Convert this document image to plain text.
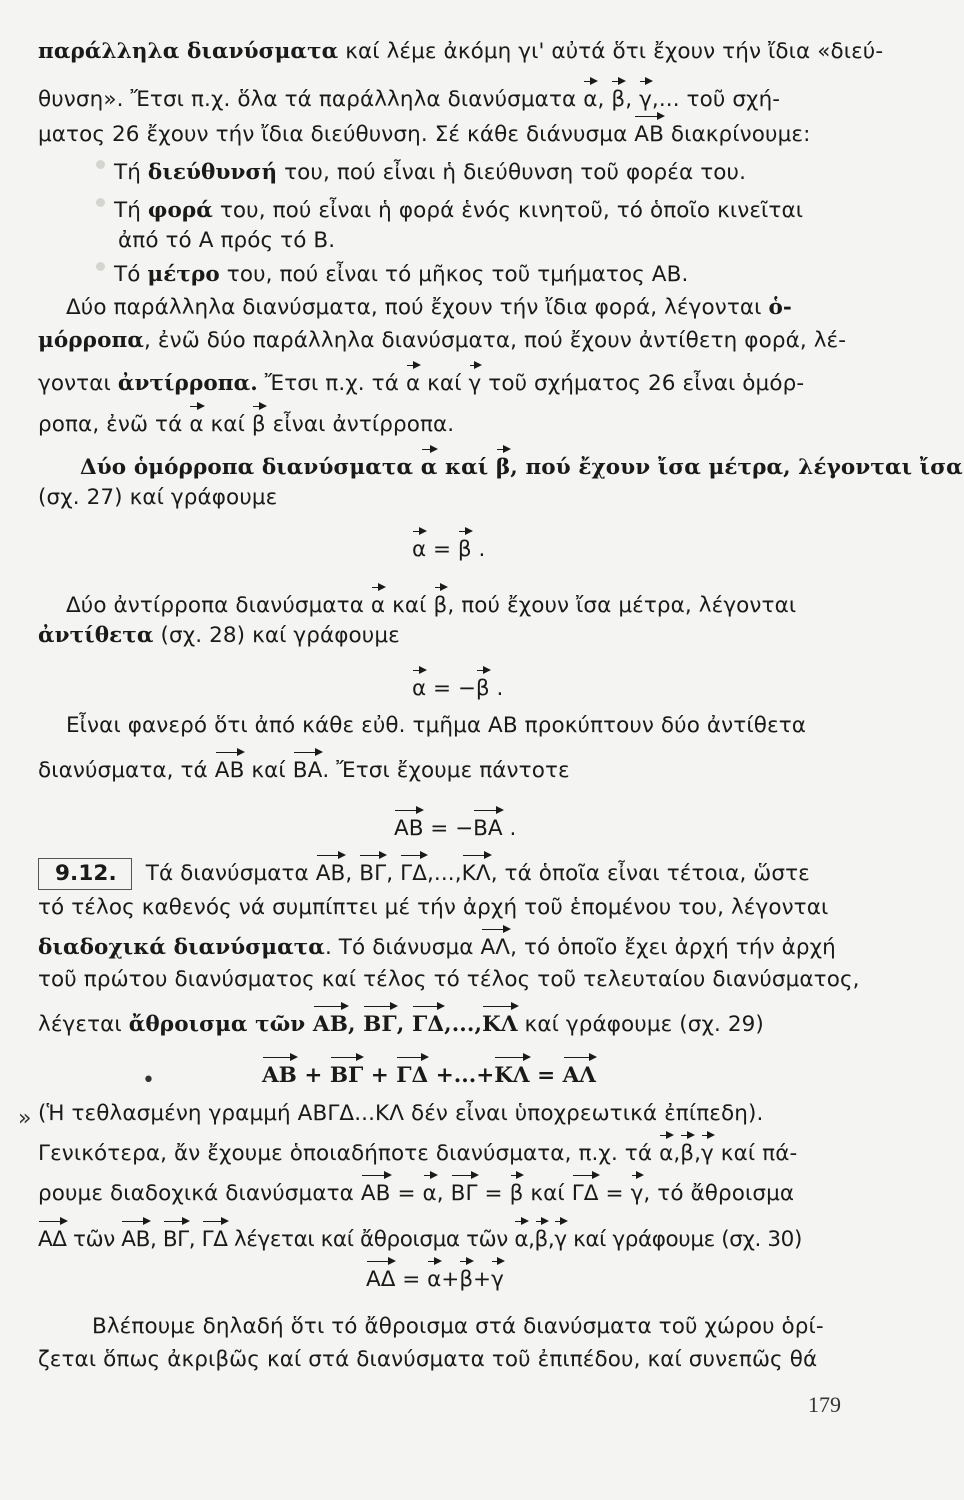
παράλληλα διανύσματα καί λέμε ἀκόμη γι' αὐτά ὅτι ἔχουν τήν ἴδια «διεύ-

θυνση». Ἔτσι π.χ. ὅλα τά παράλληλα διανύσματα α, β, γ,... τοῦ σχή-

ματος 26 ἔχουν τήν ἴδια διεύθυνση. Σέ κάθε διάνυσμα ΑΒ διακρίνουμε:

Τή διεύθυνσή του, πού εἶναι ἡ διεύθυνση τοῦ φορέα του.

Τή φορά του, πού εἶναι ἡ φορά ἑνός κινητοῦ, τό ὁποῖο κινεῖται

ἀπό τό Α πρός τό Β.

Τό μέτρο του, πού εἶναι τό μῆκος τοῦ τμήματος ΑΒ.

Δύο παράλληλα διανύσματα, πού ἔχουν τήν ἴδια φορά, λέγονται ὁ-

μόρροπα, ἐνῶ δύο παράλληλα διανύσματα, πού ἔχουν ἀντίθετη φορά, λέ-

γονται ἀντίρροπα. Ἔτσι π.χ. τά α καί γ τοῦ σχήματος 26 εἶναι ὁμόρ-

ροπα, ἐνῶ τά α καί β εἶναι ἀντίρροπα.

Δύο ὁμόρροπα διανύσματα α καί β, πού ἔχουν ἴσα μέτρα, λέγονται ἴσα

(σχ. 27) καί γράφουμε

α = β .

Δύο ἀντίρροπα διανύσματα α καί β, πού ἔχουν ἴσα μέτρα, λέγονται

ἀντίθετα (σχ. 28) καί γράφουμε

α = −β .

Εἶναι φανερό ὅτι ἀπό κάθε εὐθ. τμῆμα ΑΒ προκύπτουν δύο ἀντίθετα

διανύσματα, τά ΑΒ καί ΒΑ. Ἔτσι ἔχουμε πάντοτε

ΑΒ = −ΒΑ .

9.12. Τά διανύσματα ΑΒ, ΒΓ, ΓΔ,...,ΚΛ, τά ὁποῖα εἶναι τέτοια, ὥστε

τό τέλος καθενός νά συμπίπτει μέ τήν ἀρχή τοῦ ἑπομένου του, λέγονται

διαδοχικά διανύσματα. Τό διάνυσμα ΑΛ, τό ὁποῖο ἔχει ἀρχή τήν ἀρχή

τοῦ πρώτου διανύσματος καί τέλος τό τέλος τοῦ τελευταίου διανύσματος,

λέγεται ἄθροισμα τῶν ΑΒ, ΒΓ, ΓΔ,...,ΚΛ καί γράφουμε (σχ. 29)

•	ΑΒ + ΒΓ + ΓΔ +...+ΚΛ = ΑΛ

» (Ἡ τεθλασμένη γραμμή ΑΒΓΔ...ΚΛ δέν εἶναι ὑποχρεωτικά ἐπίπεδη).

Γενικότερα, ἄν ἔχουμε ὁποιαδήποτε διανύσματα, π.χ. τά α,β,γ καί πά-

ρουμε διαδοχικά διανύσματα ΑΒ = α, ΒΓ = β καί ΓΔ = γ, τό ἄθροισμα

ΑΔ τῶν ΑΒ, ΒΓ, ΓΔ λέγεται καί ἄθροισμα τῶν α,β,γ καί γράφουμε (σχ. 30)

ΑΔ = α+β+γ

Βλέπουμε δηλαδή ὅτι τό ἄθροισμα στά διανύσματα τοῦ χώρου ὁρί-

ζεται ὅπως ἀκριβῶς καί στά διανύσματα τοῦ ἐπιπέδου, καί συνεπῶς θά

179
